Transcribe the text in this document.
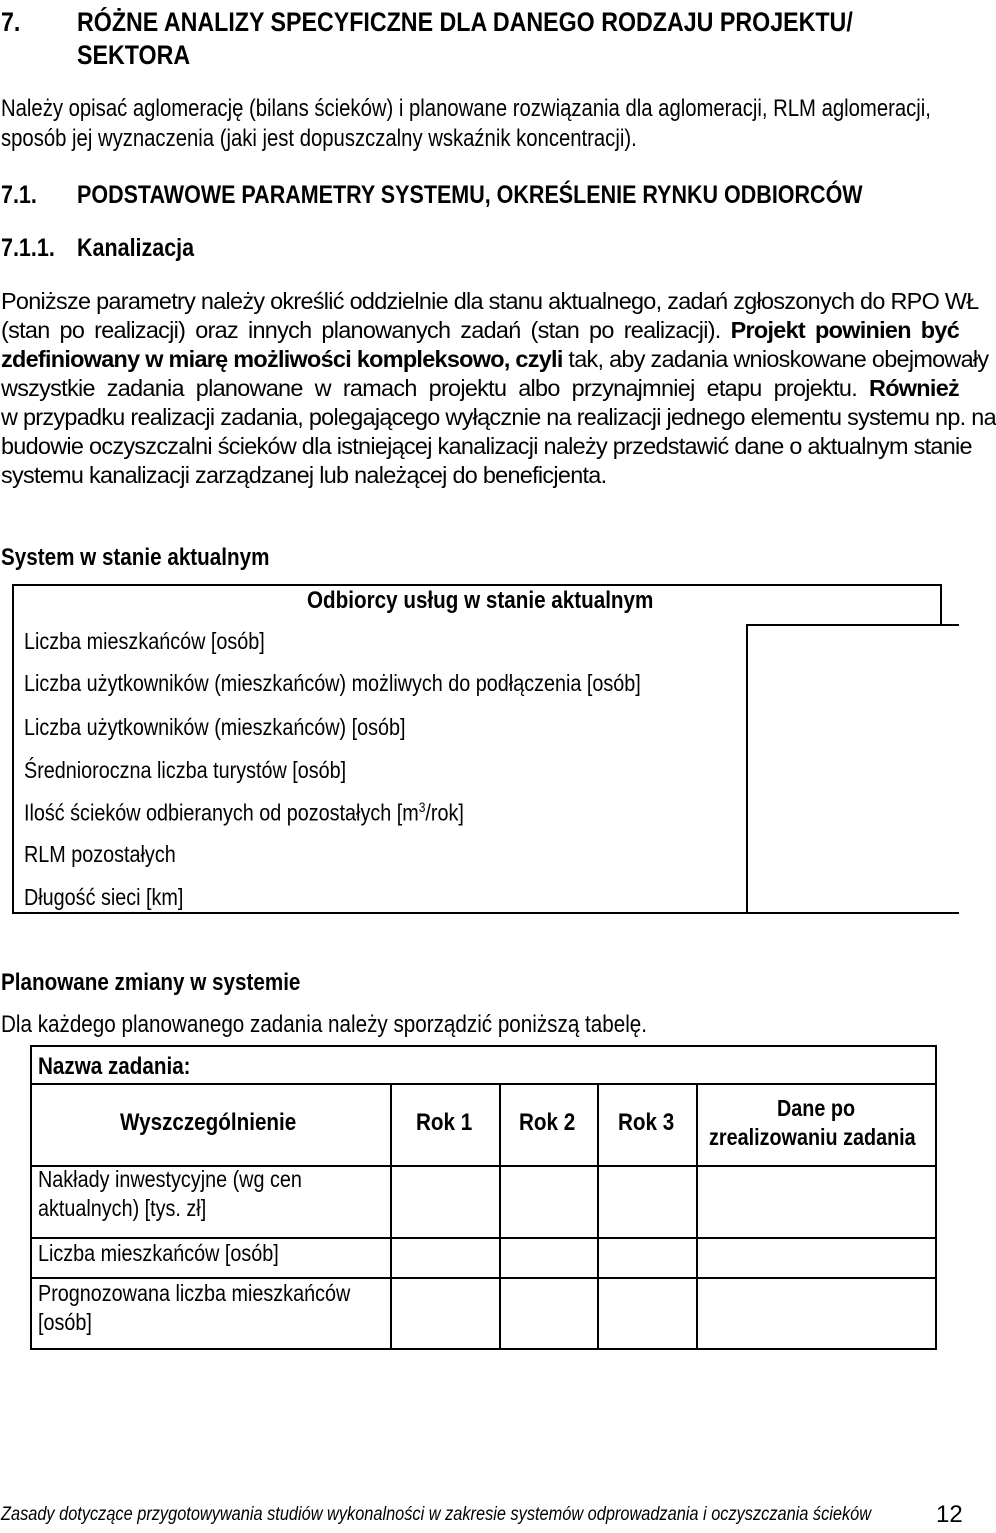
7. RÓŻNE ANALIZY SPECYFICZNE DLA DANEGO RODZAJU PROJEKTU/
SEKTORA
Należy opisać aglomerację (bilans ścieków) i planowane rozwiązania dla aglomeracji, RLM aglomeracji,
sposób jej wyznaczenia (jaki jest dopuszczalny wskaźnik koncentracji).
7.1. PODSTAWOWE PARAMETRY SYSTEMU, OKREŚLENIE RYNKU ODBIORCÓW
7.1.1. Kanalizacja
Poniższe parametry należy określić oddzielnie dla stanu aktualnego, zadań zgłoszonych do RPO WŁ
(stan po realizacji) oraz innych planowanych zadań (stan po realizacji). Projekt powinien być
zdefiniowany w miarę możliwości kompleksowo, czyli tak, aby zadania wnioskowane obejmowały
wszystkie zadania planowane w ramach projektu albo przynajmniej etapu projektu. Również
w przypadku realizacji zadania, polegającego wyłącznie na realizacji jednego elementu systemu np. na
budowie oczyszczalni ścieków dla istniejącej kanalizacji należy przedstawić dane o aktualnym stanie
systemu kanalizacji zarządzanej lub należącej do beneficjenta.
System w stanie aktualnym
Odbiorcy usług w stanie aktualnym
Liczba mieszkańców [osób]
Liczba użytkowników (mieszkańców) możliwych do podłączenia [osób]
Liczba użytkowników (mieszkańców) [osób]
Średnioroczna liczba turystów [osób]
Ilość ścieków odbieranych od pozostałych $[m^3/rok]$
RLM pozostałych
Długość sieci [km]
Planowane zmiany w systemie
Dla każdego planowanego zadania należy sporządzić poniższą tabelę.
Nazwa zadania:
Wyszczególnienie	Rok 1 Rok 2 Rok 3
Dane po
zrealizowaniu zadania
Nakłady inwestycyjne (wg cen
aktualnych) [tys. zł]
Liczba mieszkańców [osób]
Prognozowana liczba mieszkańców
[osób]
Zasady dotyczące przygotowywania studiów wykonalności w zakresie systemów odprowadzania i oczyszczania ścieków	12
